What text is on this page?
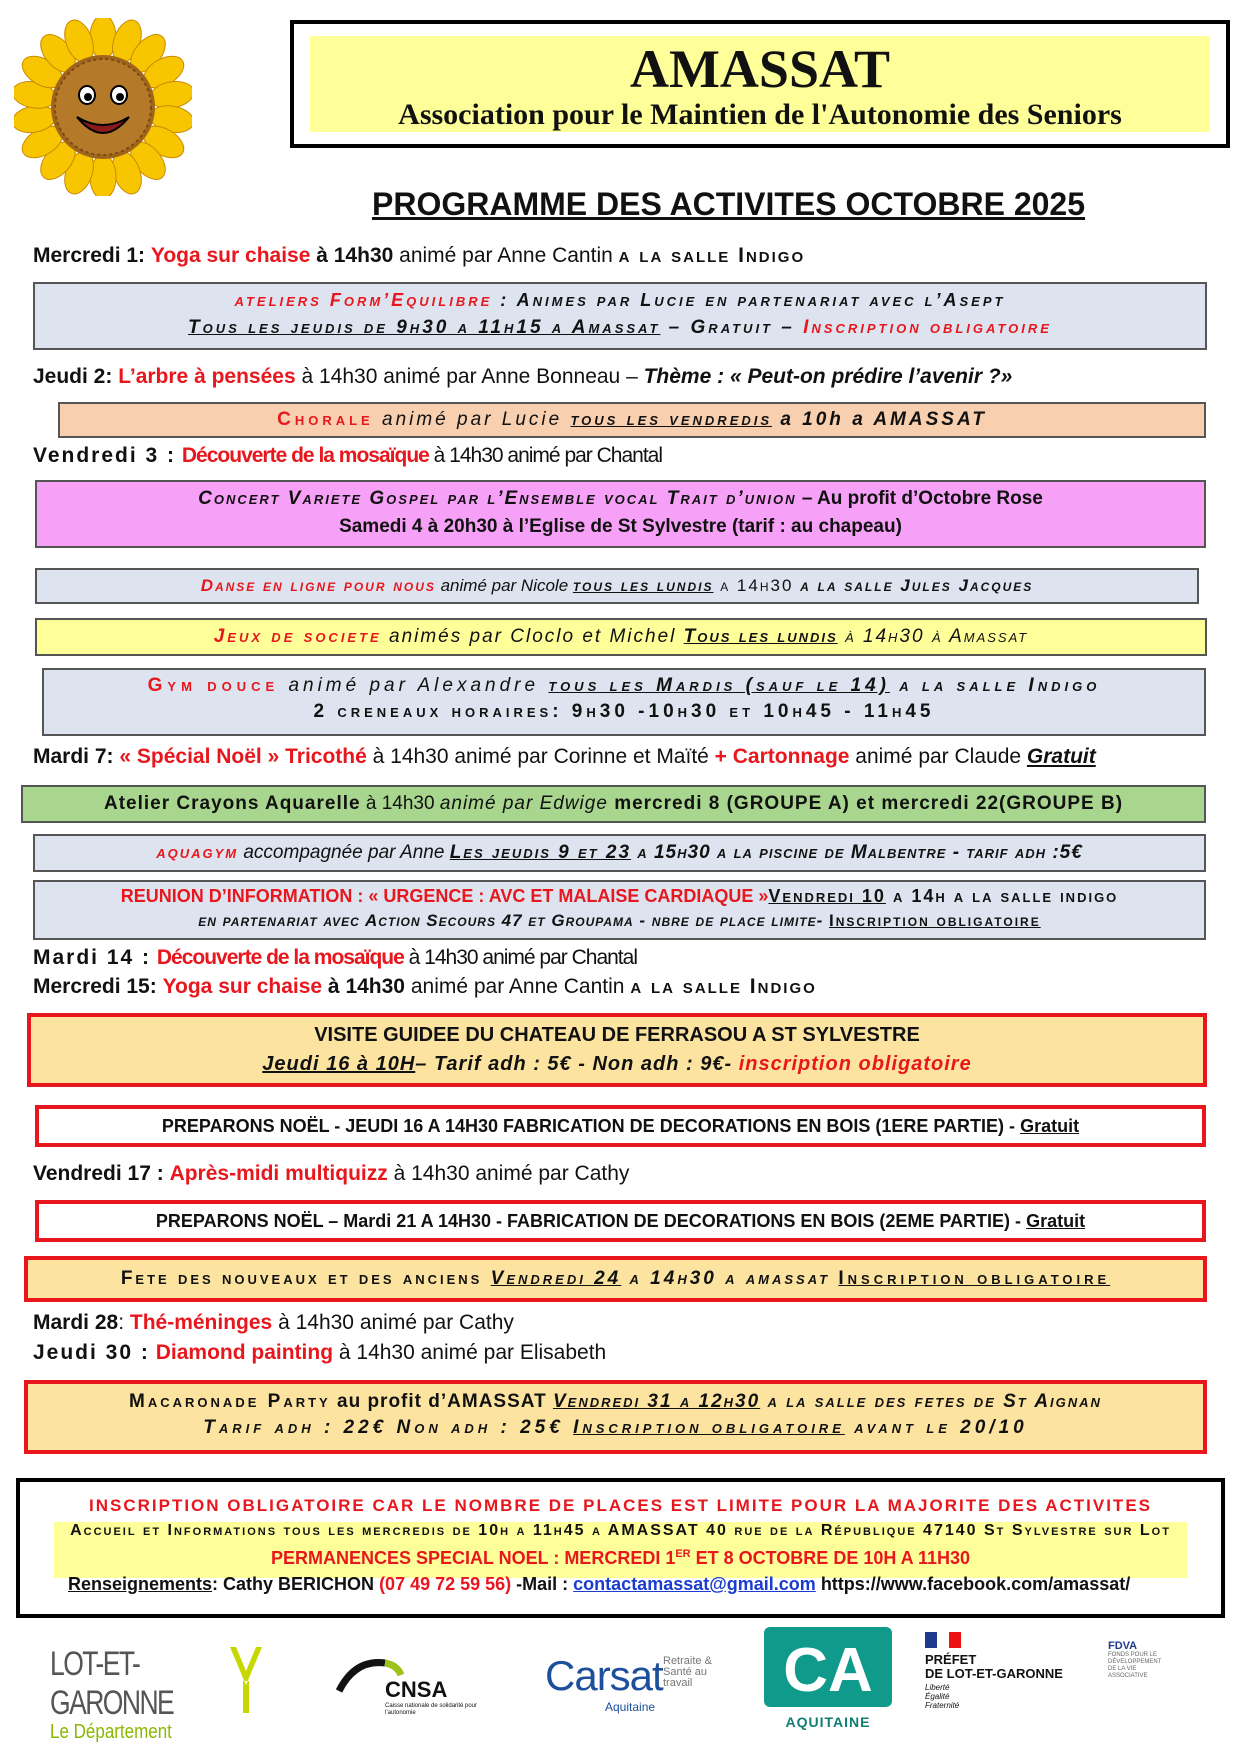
AMASSAT
Association pour le Maintien de l'Autonomie des Seniors
PROGRAMME DES ACTIVITES OCTOBRE 2025
Mercredi 1: Yoga sur chaise à 14h30 animé par Anne Cantin a la salle Indigo
ateliers Form’Equilibre : Animes par Lucie en partenariat avec l’Asept
Tous les jeudis de 9h30 a 11h15 a Amassat – Gratuit – Inscription obligatoire
Jeudi 2: L’arbre à pensées à 14h30 animé par Anne Bonneau – Thème : « Peut-on prédire l’avenir ?»
Chorale animé par Lucie tous les vendredis a 10h a AMASSAT
Vendredi 3 : Découverte de la mosaïque à 14h30 animé par Chantal
Concert Variete Gospel par l’Ensemble vocal Trait d’union – Au profit d’Octobre Rose
Samedi 4 à 20h30 à l’Eglise de St Sylvestre (tarif : au chapeau)
Danse en ligne pour nous animé par Nicole tous les lundis a 14h30 a la salle Jules Jacques
Jeux de societe animés par Cloclo et Michel Tous les lundis à 14h30 à Amassat
Gym douce animé par Alexandre tous les Mardis (sauf le 14) a la salle Indigo
2 creneaux horaires: 9h30 -10h30 et 10h45 - 11h45
Mardi 7: « Spécial Noël » Tricothé à 14h30 animé par Corinne et Maïté + Cartonnage animé par Claude Gratuit
Atelier Crayons Aquarelle à 14h30 animé par Edwige mercredi 8 (GROUPE A) et mercredi 22(GROUPE B)
aquagym accompagnée par Anne Les jeudis 9 et 23 a 15h30 a la piscine de Malbentre - tarif adh :5€
REUNION D’INFORMATION : « URGENCE : AVC ET MALAISE CARDIAQUE »Vendredi 10 a 14h a la salle indigo
en partenariat avec Action Secours 47 et Groupama - nbre de place limite- Inscription obligatoire
Mardi 14 : Découverte de la mosaïque à 14h30 animé par Chantal
Mercredi 15: Yoga sur chaise à 14h30 animé par Anne Cantin a la salle Indigo
VISITE GUIDEE DU CHATEAU DE FERRASOU A ST SYLVESTRE
Jeudi 16 à 10H– Tarif adh : 5€ - Non adh : 9€- inscription obligatoire
PREPARONS NOËL - JEUDI 16 A 14H30 FABRICATION DE DECORATIONS EN BOIS (1ERE PARTIE) - Gratuit
Vendredi 17 : Après-midi multiquizz à 14h30 animé par Cathy
PREPARONS NOËL – Mardi 21 A 14H30 - FABRICATION DE DECORATIONS EN BOIS (2EME PARTIE) - Gratuit
Fete des nouveaux et des anciens Vendredi 24 a 14h30 a amassat Inscription obligatoire
Mardi 28: Thé-méninges à 14h30 animé par Cathy
Jeudi 30 : Diamond painting à 14h30 animé par Elisabeth
Macaronade Party au profit d’AMASSAT Vendredi 31 a 12h30 a la salle des fetes de St Aignan
Tarif adh : 22€ Non adh : 25€ Inscription obligatoire avant le 20/10
INSCRIPTION OBLIGATOIRE CAR LE NOMBRE DE PLACES EST LIMITE POUR LA MAJORITE DES ACTIVITES
Accueil et Informations tous les mercredis de 10h a 11h45 a AMASSAT 40 rue de la République 47140 St Sylvestre sur Lot
PERMANENCES SPECIAL NOEL : MERCREDI 1ER ET 8 OCTOBRE DE 10H A 11H30
Renseignements: Cathy BERICHON (07 49 72 59 56) -Mail : contactamassat@gmail.com https://www.facebook.com/amassat/
LOT-ET-GARONNE
Le Département
CNSA
Caisse nationale de solidarité pour l’autonomie
Carsat Retraite & Santé au travail
Aquitaine
CA
AQUITAINE
PRÉFET
DE LOT-ET-GARONNE
Liberté Égalité Fraternité
FDVA
FONDS POUR LE DÉVELOPPEMENT DE LA VIE ASSOCIATIVE
